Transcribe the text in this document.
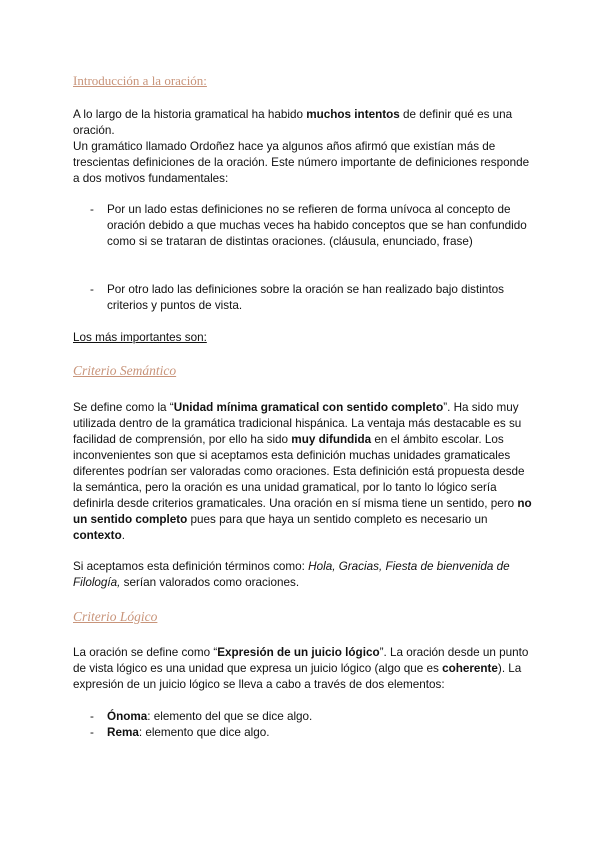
Introducción a la oración:

A lo largo de la historia gramatical ha habido muchos intentos de definir qué es una oración.

Un gramático llamado Ordoñez hace ya algunos años afirmó que existían más de trescientas definiciones de la oración. Este número importante de definiciones responde a dos motivos fundamentales:

- Por un lado estas definiciones no se refieren de forma unívoca al concepto de oración debido a que muchas veces ha habido conceptos que se han confundido como si se trataran de distintas oraciones. (cláusula, enunciado, frase)
- Por otro lado las definiciones sobre la oración se han realizado bajo distintos criterios y puntos de vista.
Los más importantes son:
Criterio Semántico

Se define como la “Unidad mínima gramatical con sentido completo”. Ha sido muy utilizada dentro de la gramática tradicional hispánica. La ventaja más destacable es su facilidad de comprensión, por ello ha sido muy difundida en el ámbito escolar. Los inconvenientes son que si aceptamos esta definición muchas unidades gramaticales diferentes podrían ser valoradas como oraciones. Esta definición está propuesta desde la semántica, pero la oración es una unidad gramatical, por lo tanto lo lógico sería definirla desde criterios gramaticales. Una oración en sí misma tiene un sentido, pero no un sentido completo pues para que haya un sentido completo es necesario un contexto.

Si aceptamos esta definición términos como: Hola, Gracias, Fiesta de bienvenida de Filología, serían valorados como oraciones.

Criterio Lógico

La oración se define como “Expresión de un juicio lógico”. La oración desde un punto de vista lógico es una unidad que expresa un juicio lógico (algo que es coherente). La expresión de un juicio lógico se lleva a cabo a través de dos elementos:

- Ónoma: elemento del que se dice algo.
- Rema: elemento que dice algo.
